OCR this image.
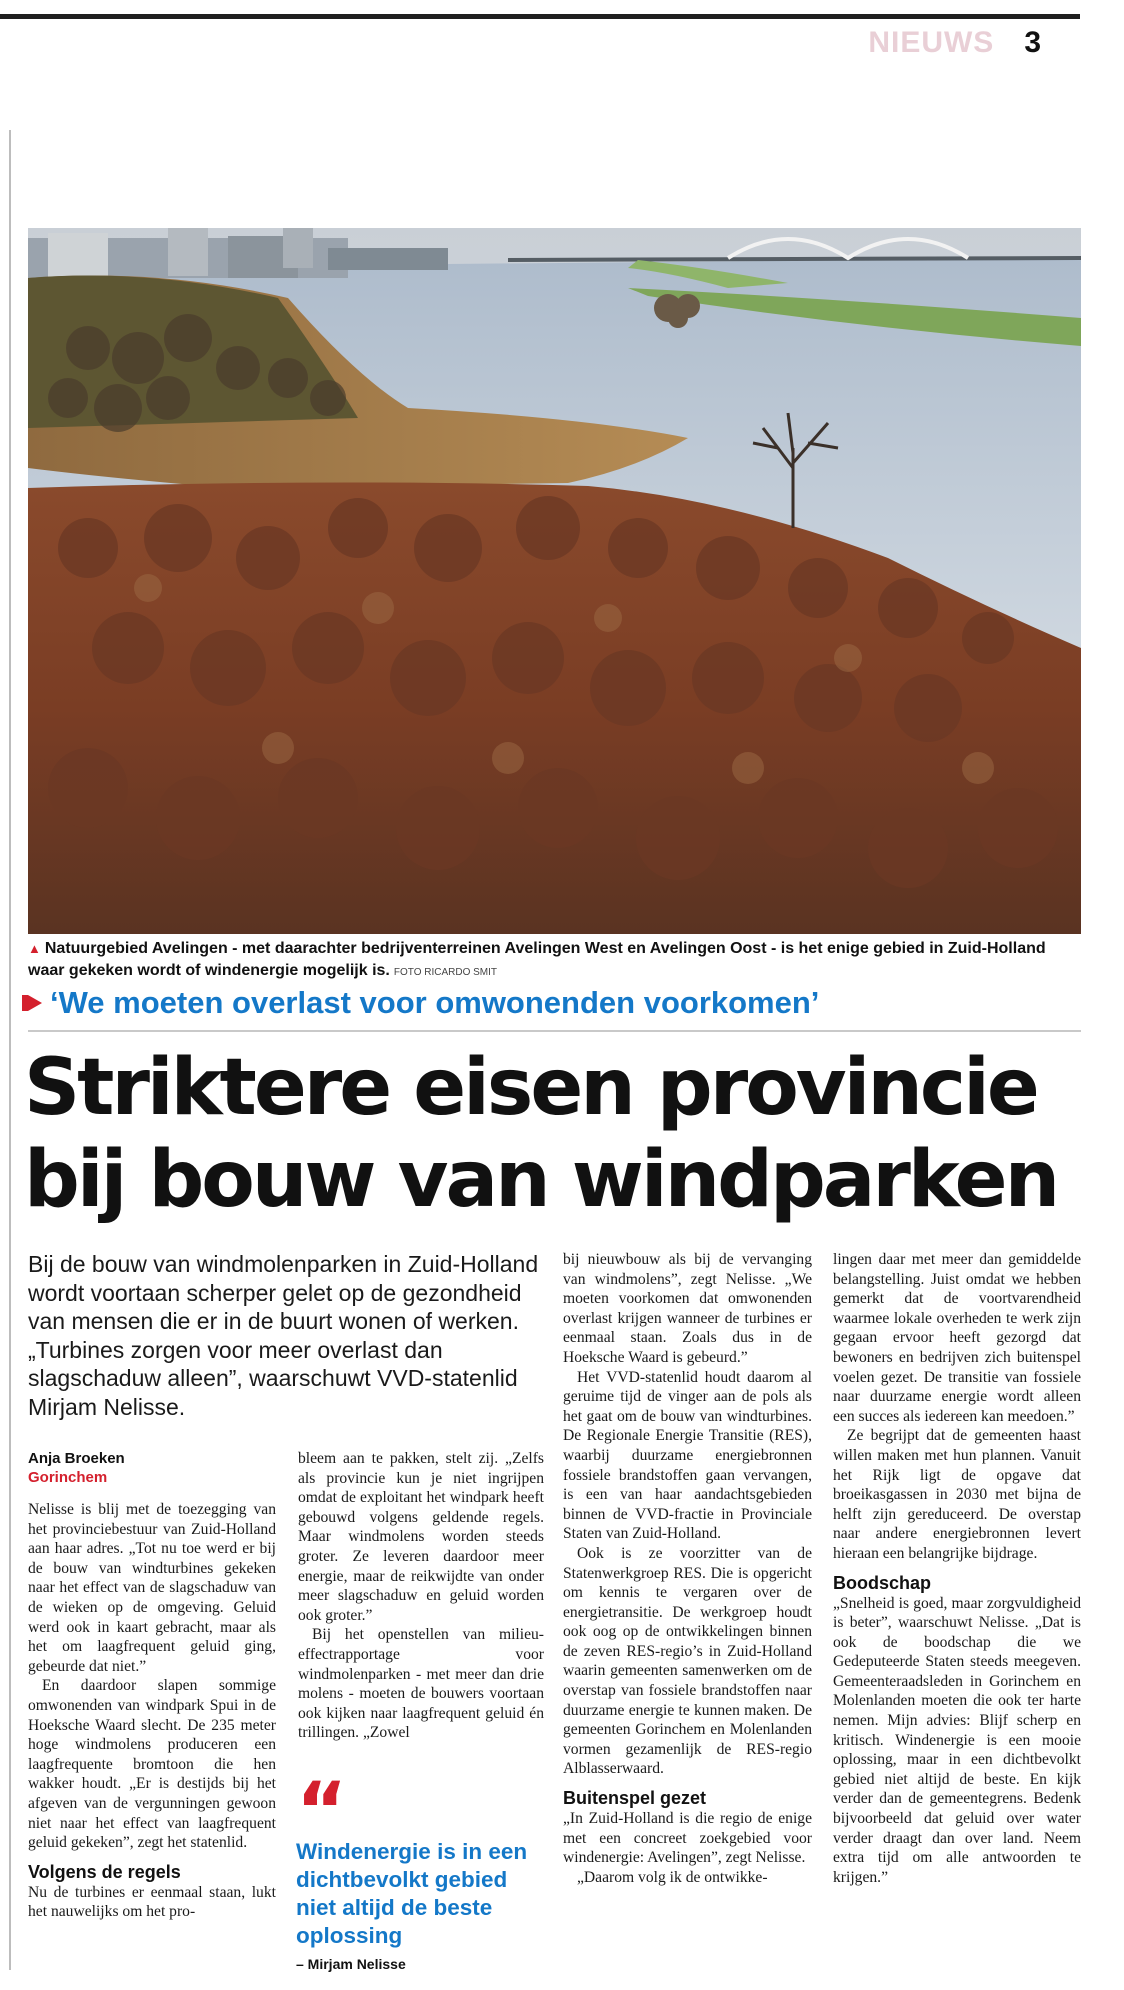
NIEUWS 3
▲ Natuurgebied Avelingen - met daarachter bedrijventerreinen Avelingen West en Avelingen Oost - is het enige gebied in Zuid-Holland waar gekeken wordt of windenergie mogelijk is. FOTO RICARDO SMIT
‘We moeten overlast voor omwonenden voorkomen’
Striktere eisen provincie
bij bouw van windparken
Bij de bouw van windmolenparken in Zuid-Holland wordt voortaan scherper gelet op de gezondheid van mensen die er in de buurt wonen of werken. „Turbines zorgen voor meer overlast dan slagschaduw alleen”, waarschuwt VVD-statenlid Mirjam Nelisse.
Anja Broeken
Gorinchem

Nelisse is blij met de toezegging van het provinciebestuur van Zuid-Holland aan haar adres. „Tot nu toe werd er bij de bouw van windturbines gekeken naar het effect van de slagschaduw van de wieken op de omgeving. Geluid werd ook in kaart gebracht, maar als het om laagfrequent geluid ging, gebeurde dat niet.”

En daardoor slapen sommige omwonenden van windpark Spui in de Hoeksche Waard slecht. De 235 meter hoge windmolens produceren een laagfrequente bromtoon die hen wakker houdt. „Er is destijds bij het afgeven van de vergunningen gewoon niet naar het effect van laagfrequent geluid gekeken”, zegt het statenlid.

Volgens de regels

Nu de turbines er eenmaal staan, lukt het nauwelijks om het pro-

bleem aan te pakken, stelt zij. „Zelfs als provincie kun je niet ingrijpen omdat de exploitant het windpark heeft gebouwd volgens geldende regels. Maar windmolens worden steeds groter. Ze leveren daardoor meer energie, maar de reikwijdte van onder meer slagschaduw en geluid worden ook groter.”

Bij het openstellen van milieu-effectrapportage voor windmolenparken - met meer dan drie molens - moeten de bouwers voortaan ook kijken naar laagfrequent geluid én trillingen. „Zowel

“
Windenergie is in een dichtbevolkt gebied niet altijd de beste oplossing
– Mirjam Nelisse

bij nieuwbouw als bij de vervanging van windmolens”, zegt Nelisse. „We moeten voorkomen dat omwonenden overlast krijgen wanneer de turbines er eenmaal staan. Zoals dus in de Hoeksche Waard is gebeurd.”

Het VVD-statenlid houdt daarom al geruime tijd de vinger aan de pols als het gaat om de bouw van windturbines. De Regionale Energie Transitie (RES), waarbij duurzame energiebronnen fossiele brandstoffen gaan vervangen, is een van haar aandachtsgebieden binnen de VVD-fractie in Provinciale Staten van Zuid-Holland.

Ook is ze voorzitter van de Statenwerkgroep RES. Die is opgericht om kennis te vergaren over de energietransitie. De werkgroep houdt ook oog op de ontwikkelingen binnen de zeven RES-regio’s in Zuid-Holland waarin gemeenten samenwerken om de overstap van fossiele brandstoffen naar duurzame energie te kunnen maken. De gemeenten Gorinchem en Molenlanden vormen gezamenlijk de RES-regio Alblasserwaard.

Buitenspel gezet

„In Zuid-Holland is die regio de enige met een concreet zoekgebied voor windenergie: Avelingen”, zegt Nelisse.

„Daarom volg ik de ontwikke-

lingen daar met meer dan gemiddelde belangstelling. Juist omdat we hebben gemerkt dat de voortvarendheid waarmee lokale overheden te werk zijn gegaan ervoor heeft gezorgd dat bewoners en bedrijven zich buitenspel voelen gezet. De transitie van fossiele naar duurzame energie wordt alleen een succes als iedereen kan meedoen.”

Ze begrijpt dat de gemeenten haast willen maken met hun plannen. Vanuit het Rijk ligt de opgave dat broeikasgassen in 2030 met bijna de helft zijn gereduceerd. De overstap naar andere energiebronnen levert hieraan een belangrijke bijdrage.

Boodschap

„Snelheid is goed, maar zorgvuldigheid is beter”, waarschuwt Nelisse. „Dat is ook de boodschap die we Gedeputeerde Staten steeds meegeven. Gemeenteraadsleden in Gorinchem en Molenlanden moeten die ook ter harte nemen. Mijn advies: Blijf scherp en kritisch. Windenergie is een mooie oplossing, maar in een dichtbevolkt gebied niet altijd de beste. En kijk verder dan de gemeentegrens. Bedenk bijvoorbeeld dat geluid over water verder draagt dan over land. Neem extra tijd om alle antwoorden te krijgen.”
